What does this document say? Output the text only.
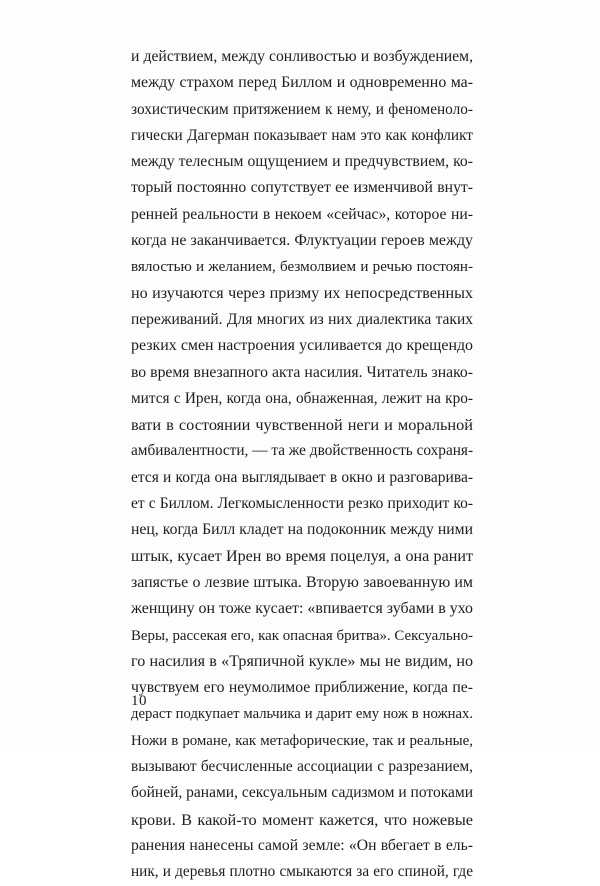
и действием, между сонливостью и возбуждением,
между страхом перед Биллом и одновременно ма-
зохистическим притяжением к нему, и феноменоло-
гически Дагерман показывает нам это как конфликт
между телесным ощущением и предчувствием, ко-
торый постоянно сопутствует ее изменчивой внут-
ренней реальности в некоем «сейчас», которое ни-
когда не заканчивается. Флуктуации героев между
вялостью и желанием, безмолвием и речью постоян-
но изучаются через призму их непосредственных
переживаний. Для многих из них диалектика таких
резких смен настроения усиливается до крещендо
во время внезапного акта насилия. Читатель знако-
мится с Ирен, когда она, обнаженная, лежит на кро-
вати в состоянии чувственной неги и моральной
амбивалентности, — та же двойственность сохраня-
ется и когда она выглядывает в окно и разговарива-
ет с Биллом. Легкомысленности резко приходит ко-
нец, когда Билл кладет на подоконник между ними
штык, кусает Ирен во время поцелуя, а она ранит
запястье о лезвие штыка. Вторую завоеванную им
женщину он тоже кусает: «впивается зубами в ухо
Веры, рассекая его, как опасная бритва». Сексуально-
го насилия в «Тряпичной кукле» мы не видим, но
чувствуем его неумолимое приближение, когда пе-
дераст подкупает мальчика и дарит ему нож в ножнах.
Ножи в романе, как метафорические, так и реальные,
вызывают бесчисленные ассоциации с разрезанием,
бойней, ранами, сексуальным садизмом и потоками
крови. В какой-то момент кажется, что ножевые
ранения нанесены самой земле: «Он вбегает в ель-
ник, и деревья плотно смыкаются за его спиной, где
10
